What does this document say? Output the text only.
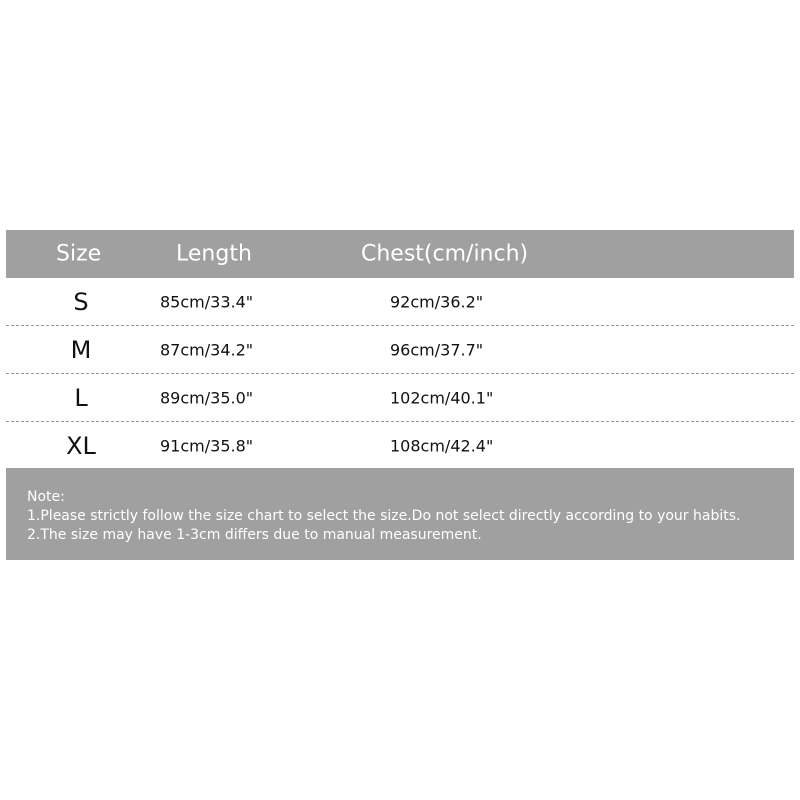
Size	Length	Chest(cm/inch)
S	85cm/33.4"	92cm/36.2"
M	87cm/34.2"	96cm/37.7"
L	89cm/35.0"	102cm/40.1"
XL	91cm/35.8"	108cm/42.4"
Note:
1.Please strictly follow the size chart to select the size.Do not select directly according to your habits.
2.The size may have 1-3cm differs due to manual measurement.
